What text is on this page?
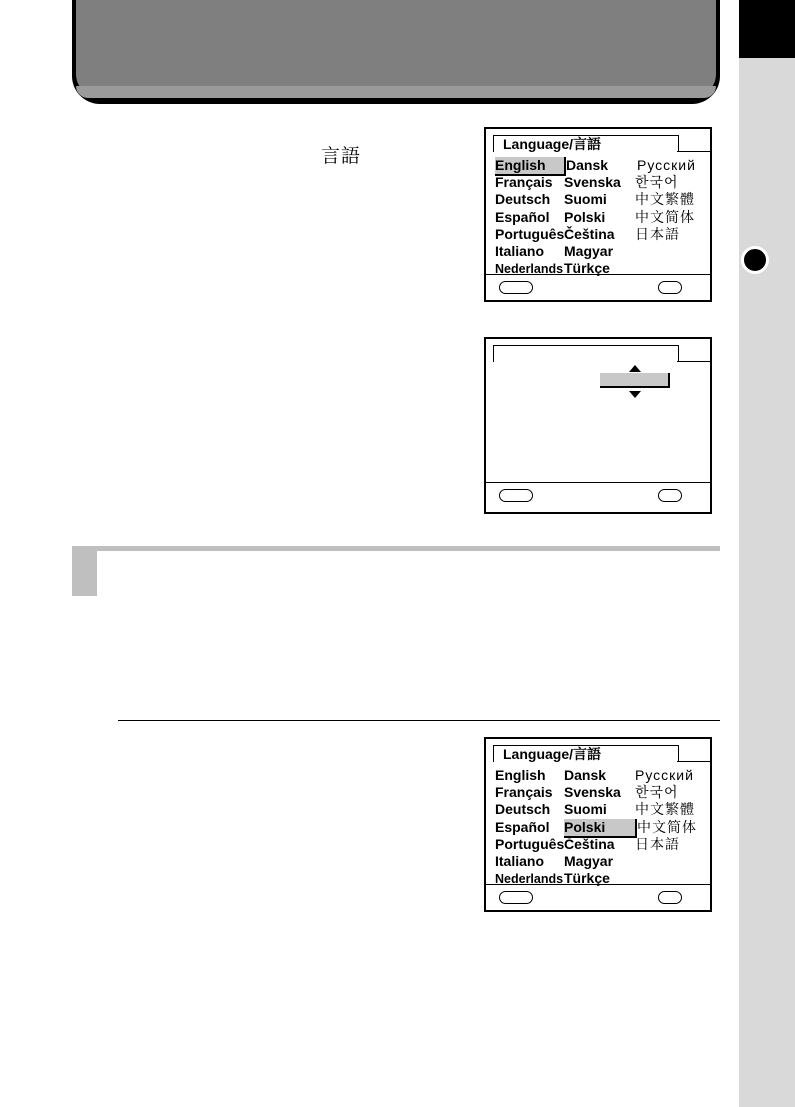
言語
Language/言語
English Dansk Русский
Français Svenska 한국어
Deutsch Suomi 中文繁體
Español Polski 中文简体
PortuguêsČeština 日本語
Italiano Magyar
NederlandsTürkçe
Language/言語
English Dansk Русский
Français Svenska 한국어
Deutsch Suomi 中文繁體
Español Polski 中文简体
PortuguêsČeština 日本語
Italiano Magyar
NederlandsTürkçe
